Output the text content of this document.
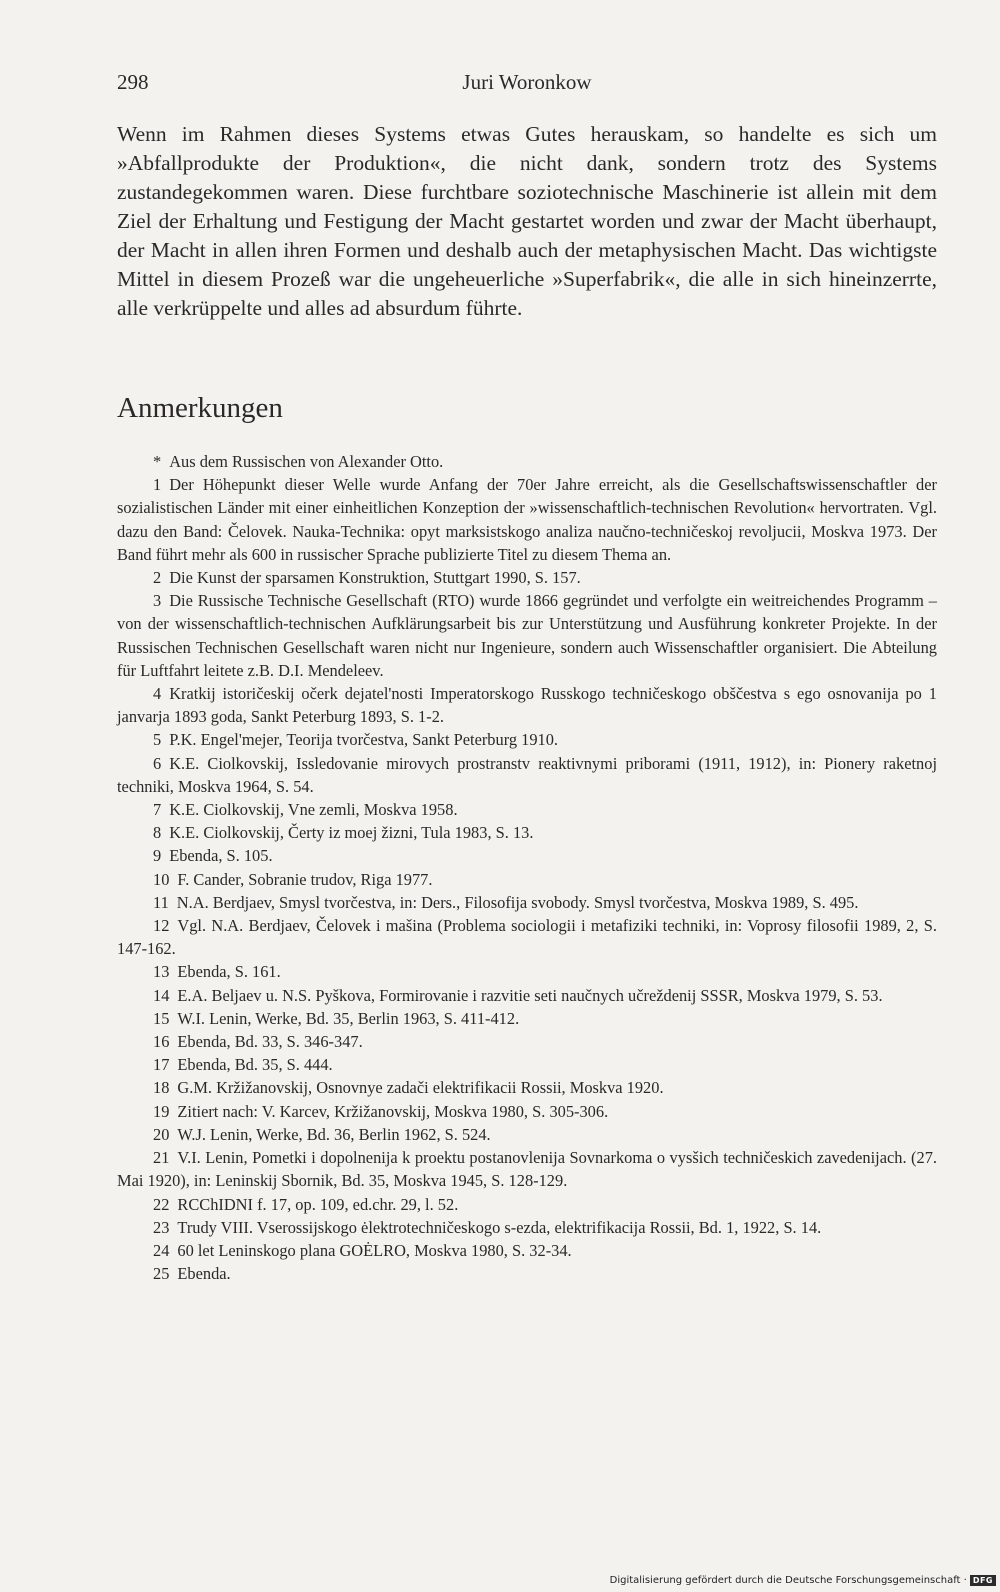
298	Juri Woronkow

Wenn im Rahmen dieses Systems etwas Gutes herauskam, so handelte es sich um »Abfallprodukte der Produktion«, die nicht dank, sondern trotz des Systems zustandegekommen waren. Diese furchtbare soziotechnische Maschinerie ist allein mit dem Ziel der Erhaltung und Festigung der Macht gestartet worden und zwar der Macht überhaupt, der Macht in allen ihren Formen und deshalb auch der metaphysischen Macht. Das wichtigste Mittel in diesem Prozeß war die ungeheuerliche »Superfabrik«, die alle in sich hineinzerrte, alle verkrüppelte und alles ad absurdum führte.

Anmerkungen
* Aus dem Russischen von Alexander Otto.
1 Der Höhepunkt dieser Welle wurde Anfang der 70er Jahre erreicht, als die Gesellschaftswissenschaftler der sozialistischen Länder mit einer einheitlichen Konzeption der »wissenschaftlich-technischen Revolution« hervortraten. Vgl. dazu den Band: Čelovek. Nauka-Technika: opyt marksistskogo analiza naučno-techničeskoj revoljucii, Moskva 1973. Der Band führt mehr als 600 in russischer Sprache publizierte Titel zu diesem Thema an.
2 Die Kunst der sparsamen Konstruktion, Stuttgart 1990, S. 157.
3 Die Russische Technische Gesellschaft (RTO) wurde 1866 gegründet und verfolgte ein weitreichendes Programm – von der wissenschaftlich-technischen Aufklärungsarbeit bis zur Unterstützung und Ausführung konkreter Projekte. In der Russischen Technischen Gesellschaft waren nicht nur Ingenieure, sondern auch Wissenschaftler organisiert. Die Abteilung für Luftfahrt leitete z.B. D.I. Mendeleev.
4 Kratkij istoričeskij očerk dejatel'nosti Imperatorskogo Russkogo techničeskogo obščestva s ego osnovanija po 1 janvarja 1893 goda, Sankt Peterburg 1893, S. 1-2.
5 P.K. Engel'mejer, Teorija tvorčestva, Sankt Peterburg 1910.
6 K.E. Ciolkovskij, Issledovanie mirovych prostranstv reaktivnymi priborami (1911, 1912), in: Pionery raketnoj techniki, Moskva 1964, S. 54.
7 K.E. Ciolkovskij, Vne zemli, Moskva 1958.
8 K.E. Ciolkovskij, Čerty iz moej žizni, Tula 1983, S. 13.
9 Ebenda, S. 105.
10 F. Cander, Sobranie trudov, Riga 1977.
11 N.A. Berdjaev, Smysl tvorčestva, in: Ders., Filosofija svobody. Smysl tvorčestva, Moskva 1989, S. 495.
12 Vgl. N.A. Berdjaev, Čelovek i mašina (Problema sociologii i metafiziki techniki, in: Voprosy filosofii 1989, 2, S. 147-162.
13 Ebenda, S. 161.
14 E.A. Beljaev u. N.S. Pyškova, Formirovanie i razvitie seti naučnych učreždenij SSSR, Moskva 1979, S. 53.
15 W.I. Lenin, Werke, Bd. 35, Berlin 1963, S. 411-412.
16 Ebenda, Bd. 33, S. 346-347.
17 Ebenda, Bd. 35, S. 444.
18 G.M. Kržižanovskij, Osnovnye zadači elektrifikacii Rossii, Moskva 1920.
19 Zitiert nach: V. Karcev, Kržižanovskij, Moskva 1980, S. 305-306.
20 W.J. Lenin, Werke, Bd. 36, Berlin 1962, S. 524.
21 V.I. Lenin, Pometki i dopolnenija k proektu postanovlenija Sovnarkoma o vysšich techničeskich zavedenijach. (27. Mai 1920), in: Leninskij Sbornik, Bd. 35, Moskva 1945, S. 128-129.
22 RCChIDNI f. 17, op. 109, ed.chr. 29, l. 52.
23 Trudy VIII. Vserossijskogo ėlektrotechničeskogo s-ezda, elektrifikacija Rossii, Bd. 1, 1922, S. 14.
24 60 let Leninskogo plana GOĖLRO, Moskva 1980, S. 32-34.
25 Ebenda.
Digitalisierung gefördert durch die Deutsche Forschungsgemeinschaft · DFG
